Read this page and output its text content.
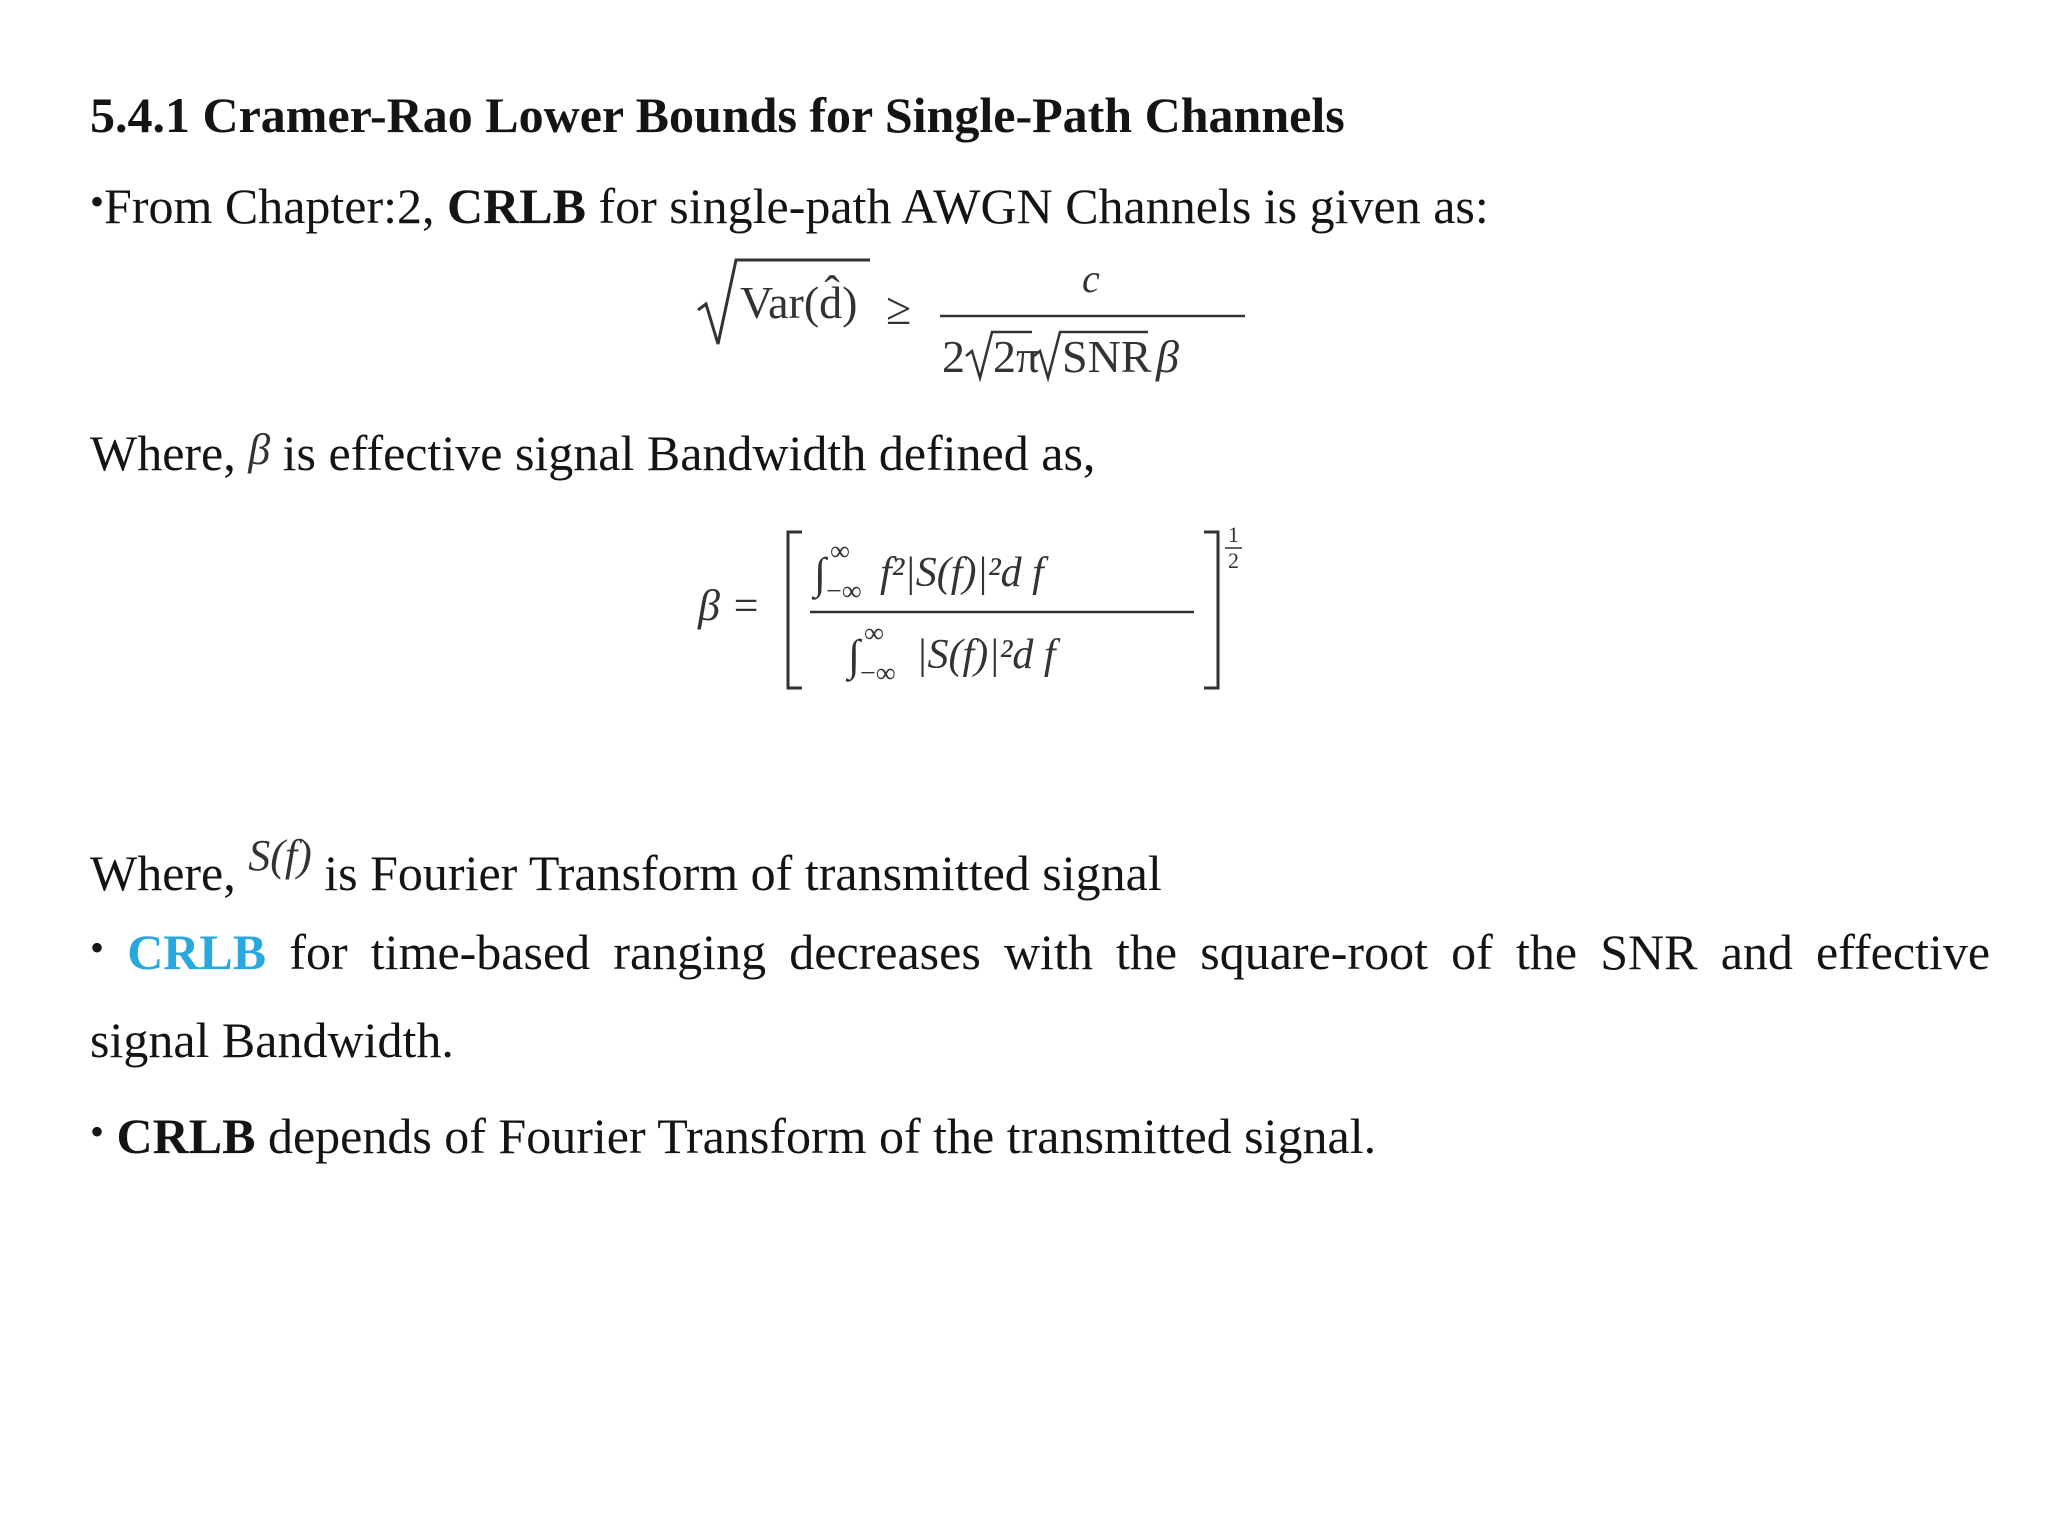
5.4.1 Cramer-Rao Lower Bounds for Single-Path Channels
•From Chapter:2, CRLB for single-path AWGN Channels is given as:
Var(d̂) ≥
c
2 2π SNR β
Where, β is effective signal Bandwidth defined as,
β =
∫ ∞
−∞ f²|S(f)|²d f
∫ ∞
−∞ |S(f)|²d f
1
2
Where, S(f) is Fourier Transform of transmitted signal
• CRLB for time-based ranging decreases with the square-root of the SNR and effective
signal Bandwidth.
• CRLB depends of Fourier Transform of the transmitted signal.
